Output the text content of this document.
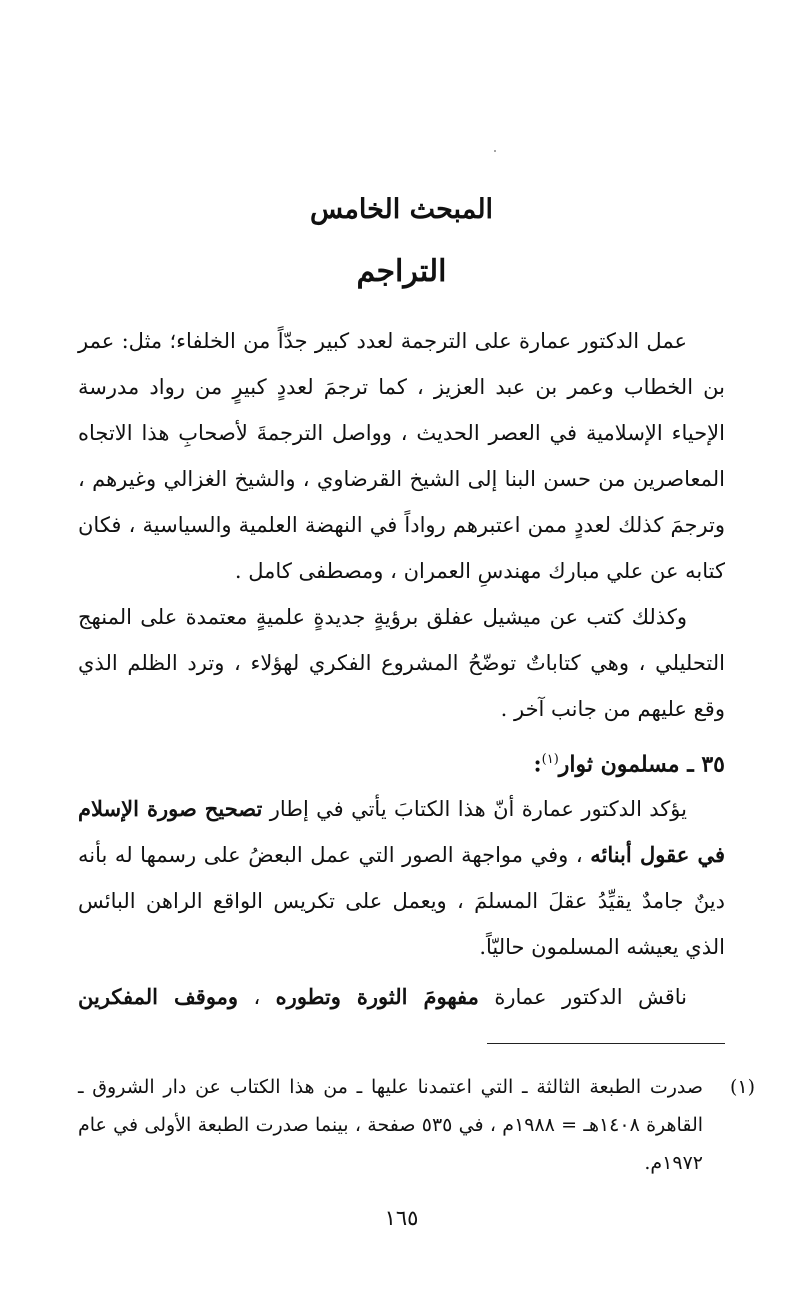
المبحث الخامس
التراجم

عمل الدكتور عمارة على الترجمة لعدد كبير جدّاً من الخلفاء؛ مثل: عمر بن الخطاب وعمر بن عبد العزيز ، كما ترجمَ لعددٍ كبيرٍ من رواد مدرسة الإحياء الإسلامية في العصر الحديث ، وواصل الترجمةَ لأصحابِ هذا الاتجاه المعاصرين من حسن البنا إلى الشيخ القرضاوي ، والشيخ الغزالي وغيرهم ، وترجمَ كذلك لعددٍ ممن اعتبرهم رواداً في النهضة العلمية والسياسية ، فكان كتابه عن علي مبارك مهندسِ العمران ، ومصطفى كامل .

وكذلك كتب عن ميشيل عفلق برؤيةٍ جديدةٍ علميةٍ معتمدة على المنهج التحليلي ، وهي كتاباتٌ توضّحُ المشروع الفكري لهؤلاء ، وترد الظلم الذي وقع عليهم من جانب آخر .

٣٥ ـ مسلمون ثوار$^{(١)}$:

يؤكد الدكتور عمارة أنّ هذا الكتابَ يأتي في إطار تصحيح صورة الإسلام في عقول أبنائه ، وفي مواجهة الصور التي عمل البعضُ على رسمها له بأنه دينٌ جامدٌ يقيِّدُ عقلَ المسلمَ ، ويعمل على تكريس الواقع الراهن البائس الذي يعيشه المسلمون حاليّاً.

ناقش الدكتور عمارة مفهومَ الثورة وتطوره ، وموقف المفكرين

(١)
صدرت الطبعة الثالثة ـ التي اعتمدنا عليها ـ من هذا الكتاب عن دار الشروق ـ القاهرة ١٤٠٨هـ = ١٩٨٨م ، في ٥٣٥ صفحة ، بينما صدرت الطبعة الأولى في عام ١٩٧٢م.
١٦٥
